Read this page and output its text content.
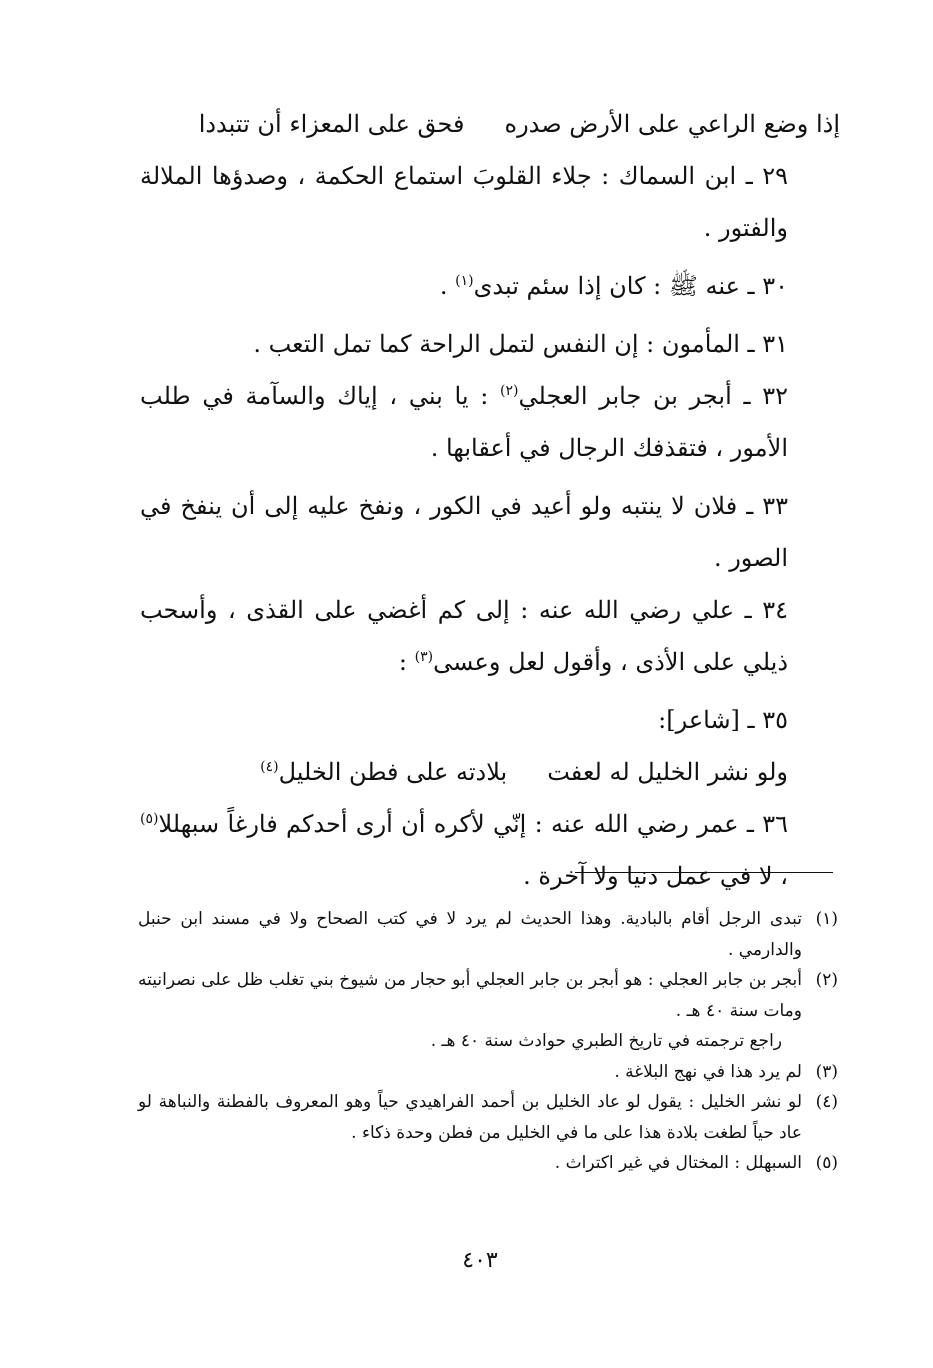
إذا وضع الراعي على الأرض صدره
فحق على المعزاء أن تتبددا

٢٩ ـ ابن السماك : جلاء القلوبَ استماع الحكمة ، وصدؤها الملالة والفتور .

٣٠ ـ عنه ﷺ : كان إذا سئم تبدى$^{(١)}$ .

٣١ ـ المأمون : إن النفس لتمل الراحة كما تمل التعب .

٣٢ ـ أبجر بن جابر العجلي$^{(٢)}$ : يا بني ، إياك والسآمة في طلب الأمور ، فتقذفك الرجال في أعقابها .

٣٣ ـ فلان لا ينتبه ولو أعيد في الكور ، ونفخ عليه إلى أن ينفخ في الصور .

٣٤ ـ علي رضي الله عنه : إلى كم أغضي على القذى ، وأسحب ذيلي على الأذى ، وأقول لعل وعسى$^{(٣)}$ :

٣٥ ـ [شاعر]:

ولو نشر الخليل له لعفت
بلادته على فطن الخليل$^{(٤)}$

٣٦ ـ عمر رضي الله عنه : إنّي لأكره أن أرى أحدكم فارغاً سبهللا$^{(٥)}$ ، لا في عمل دنيا ولا آخرة .

(١)
تبدى الرجل أقام بالبادية. وهذا الحديث لم يرد لا في كتب الصحاح ولا في مسند ابن حنبل والدارمي .
(٢)
أبجر بن جابر العجلي : هو أبجر بن جابر العجلي أبو حجار من شيوخ بني تغلب ظل على نصرانيته ومات سنة ٤٠ هـ .
راجع ترجمته في تاريخ الطبري حوادث سنة ٤٠ هـ .
(٣)
لم يرد هذا في نهج البلاغة .
(٤)
لو نشر الخليل : يقول لو عاد الخليل بن أحمد الفراهيدي حياً وهو المعروف بالفطنة والنباهة لو عاد حياً لطغت بلادة هذا على ما في الخليل من فطن وحدة ذكاء .
(٥)
السبهلل : المختال في غير اكتراث .
٤٠٣
